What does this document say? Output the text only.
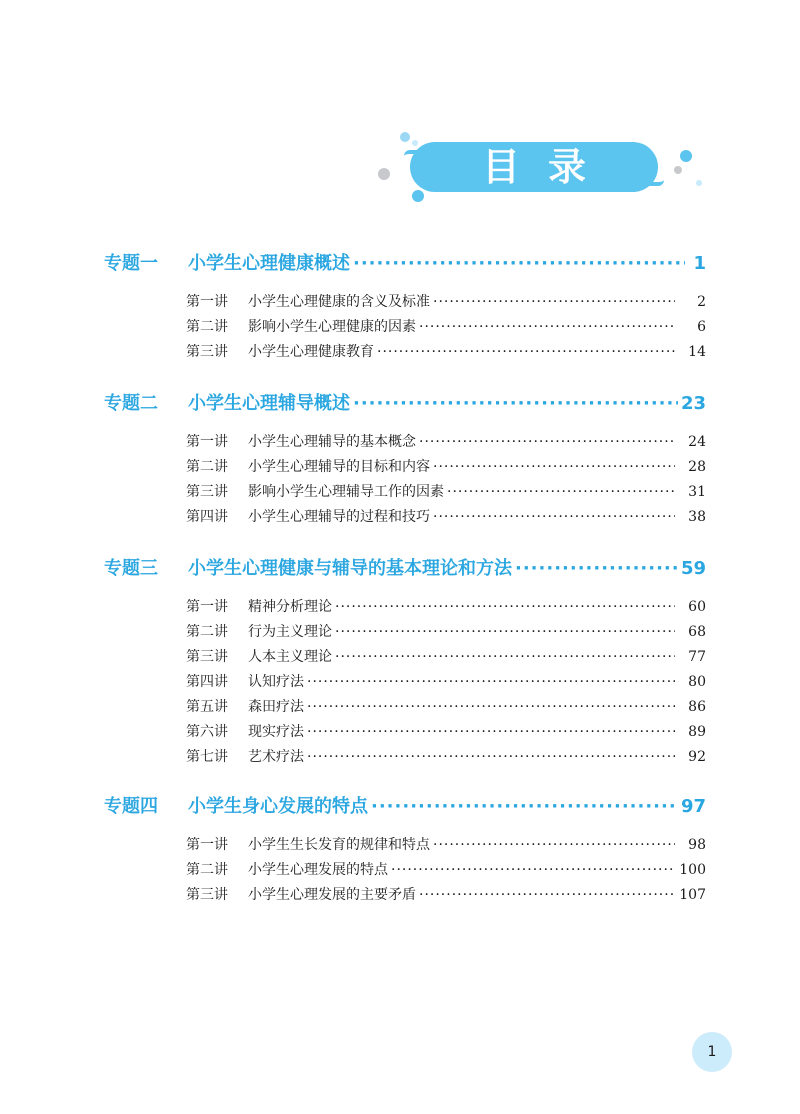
目录
专题一	小学生心理健康概述 ·····	1
第一讲	小学生心理健康的含义及标准 ·····	2
第二讲	影响小学生心理健康的因素 ·····	6
第三讲	小学生心理健康教育 ·····	14
专题二	小学生心理辅导概述 ·····	23
第一讲	小学生心理辅导的基本概念 ·····	24
第二讲	小学生心理辅导的目标和内容 ·····	28
第三讲	影响小学生心理辅导工作的因素 ·····	31
第四讲	小学生心理辅导的过程和技巧 ·····	38
专题三	小学生心理健康与辅导的基本理论和方法 ·····	59
第一讲	精神分析理论 ·····	60
第二讲	行为主义理论 ·····	68
第三讲	人本主义理论 ·····	77
第四讲	认知疗法 ·····	80
第五讲	森田疗法 ·····	86
第六讲	现实疗法 ·····	89
第七讲	艺术疗法 ·····	92
专题四	小学生身心发展的特点 ·····	97
第一讲	小学生生长发育的规律和特点 ·····	98
第二讲	小学生心理发展的特点 ·····	100
第三讲	小学生心理发展的主要矛盾 ·····	107
1
